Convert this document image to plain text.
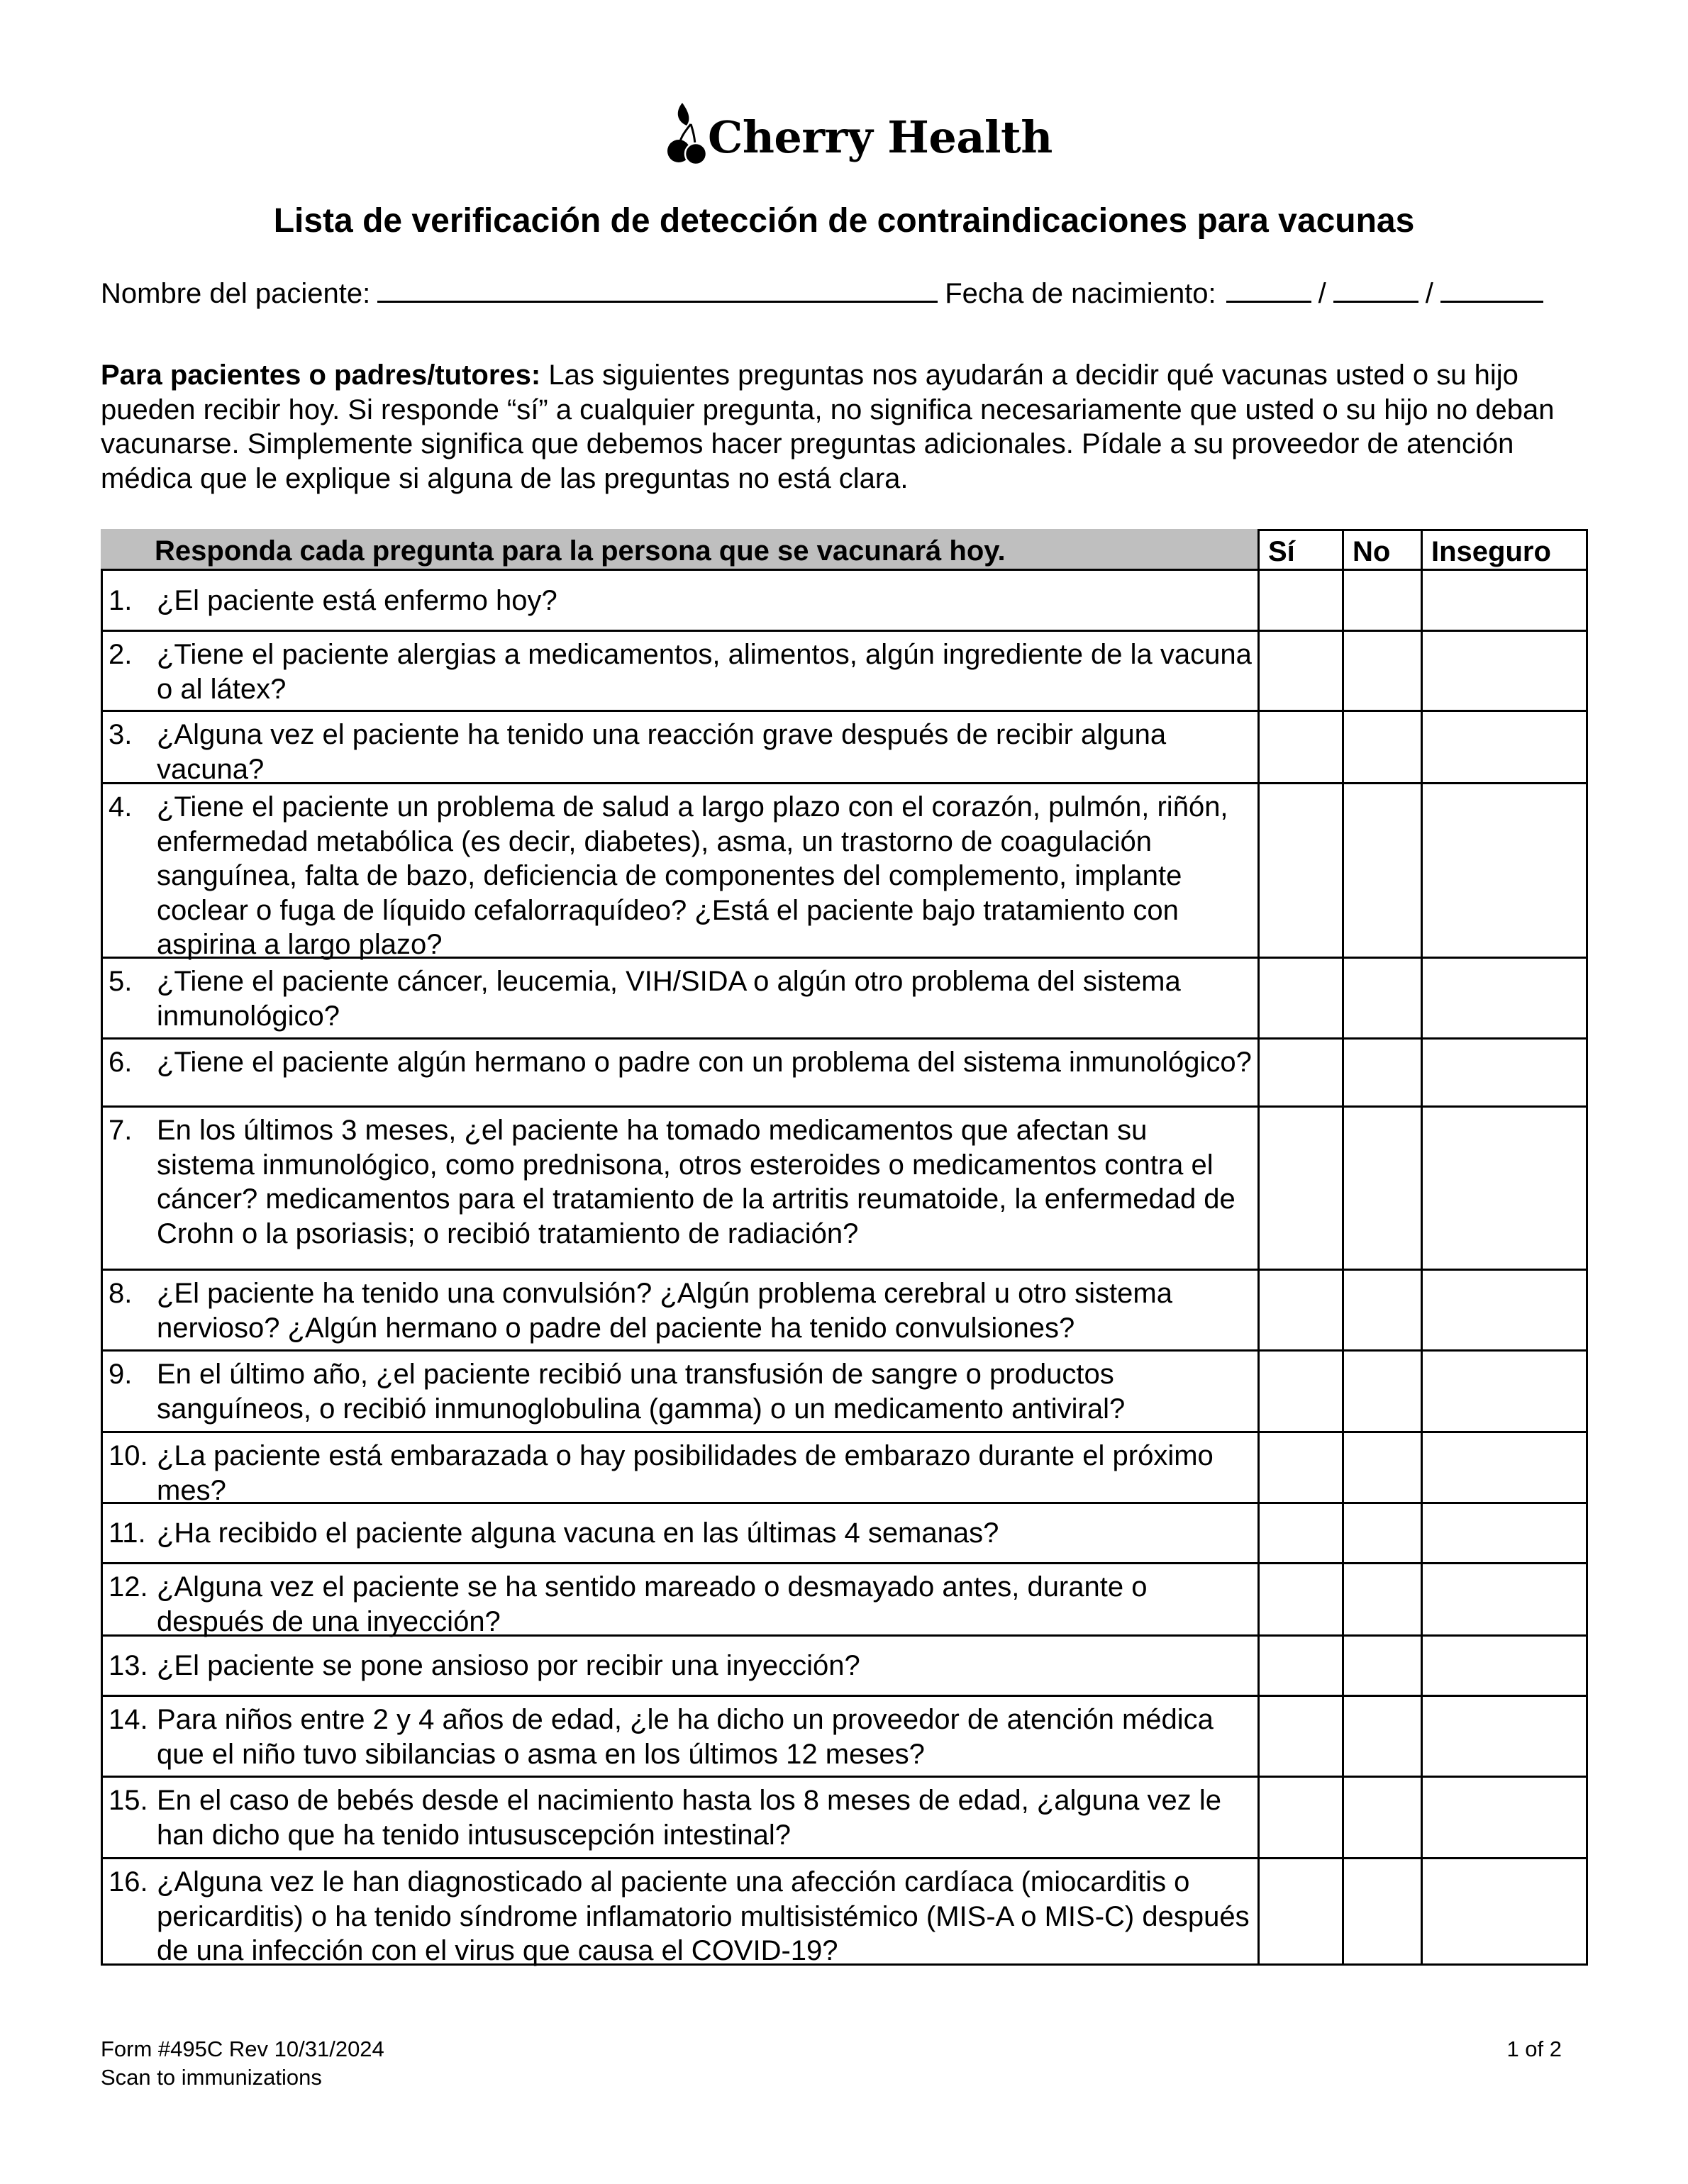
Cherry Health
Lista de verificación de detección de contraindicaciones para vacunas
Nombre del paciente:	Fecha de nacimiento:	/	/
Para pacientes o padres/tutores: Las siguientes preguntas nos ayudarán a decidir qué vacunas usted o su hijo pueden recibir hoy. Si responde “sí” a cualquier pregunta, no significa necesariamente que usted o su hijo no deban vacunarse. Simplemente significa que debemos hacer preguntas adicionales. Pídale a su proveedor de atención médica que le explique si alguna de las preguntas no está clara.
Responda cada pregunta para la persona que se vacunará hoy.	Sí	No	Inseguro
1. ¿El paciente está enfermo hoy?
2. ¿Tiene el paciente alergias a medicamentos, alimentos, algún ingrediente de la vacuna o al látex?
3. ¿Alguna vez el paciente ha tenido una reacción grave después de recibir alguna vacuna?
4. ¿Tiene el paciente un problema de salud a largo plazo con el corazón, pulmón, riñón, enfermedad metabólica (es decir, diabetes), asma, un trastorno de coagulación sanguínea, falta de bazo, deficiencia de componentes del complemento, implante coclear o fuga de líquido cefalorraquídeo? ¿Está el paciente bajo tratamiento con aspirina a largo plazo?
5. ¿Tiene el paciente cáncer, leucemia, VIH/SIDA o algún otro problema del sistema inmunológico?
6. ¿Tiene el paciente algún hermano o padre con un problema del sistema inmunológico?
7. En los últimos 3 meses, ¿el paciente ha tomado medicamentos que afectan su sistema inmunológico, como prednisona, otros esteroides o medicamentos contra el cáncer? medicamentos para el tratamiento de la artritis reumatoide, la enfermedad de Crohn o la psoriasis; o recibió tratamiento de radiación?
8. ¿El paciente ha tenido una convulsión? ¿Algún problema cerebral u otro sistema nervioso? ¿Algún hermano o padre del paciente ha tenido convulsiones?
9. En el último año, ¿el paciente recibió una transfusión de sangre o productos sanguíneos, o recibió inmunoglobulina (gamma) o un medicamento antiviral?
10. ¿La paciente está embarazada o hay posibilidades de embarazo durante el próximo mes?
11. ¿Ha recibido el paciente alguna vacuna en las últimas 4 semanas?
12. ¿Alguna vez el paciente se ha sentido mareado o desmayado antes, durante o después de una inyección?
13. ¿El paciente se pone ansioso por recibir una inyección?
14. Para niños entre 2 y 4 años de edad, ¿le ha dicho un proveedor de atención médica que el niño tuvo sibilancias o asma en los últimos 12 meses?
15. En el caso de bebés desde el nacimiento hasta los 8 meses de edad, ¿alguna vez le han dicho que ha tenido intususcepción intestinal?
16. ¿Alguna vez le han diagnosticado al paciente una afección cardíaca (miocarditis o pericarditis) o ha tenido síndrome inflamatorio multisistémico (MIS-A o MIS-C) después de una infección con el virus que causa el COVID-19?
Form #495C Rev 10/31/2024
Scan to immunizations
1 of 2
